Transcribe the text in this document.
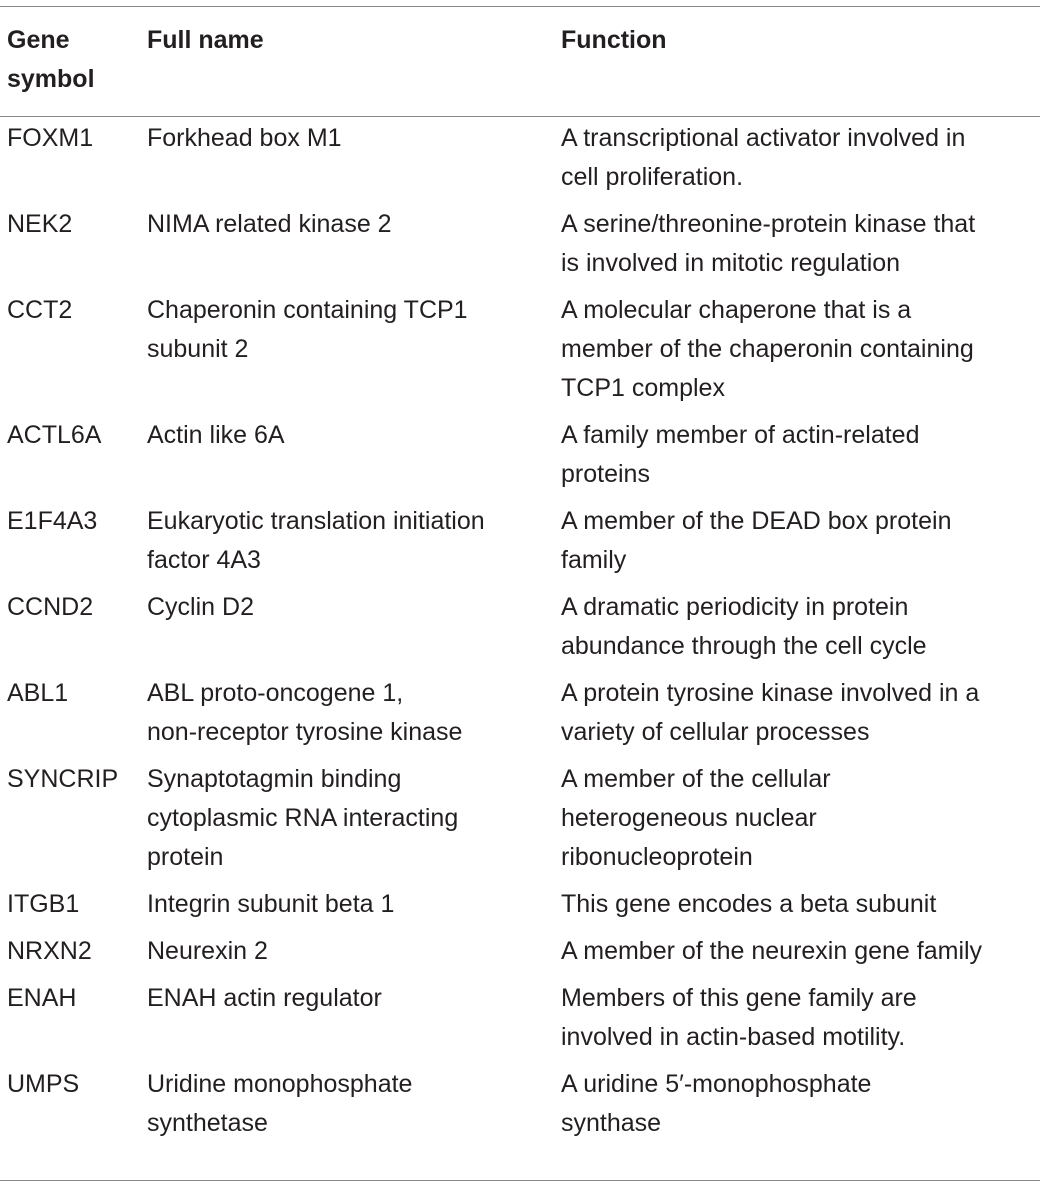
Gene
symbol	Full name	Function
FOXM1	Forkhead box M1	A transcriptional activator involved in
cell proliferation.

NEK2	NIMA related kinase 2	A serine/threonine-protein kinase that
is involved in mitotic regulation

CCT2	Chaperonin containing TCP1
subunit 2	A molecular chaperone that is a
member of the chaperonin containing
TCP1 complex

ACTL6A	Actin like 6A	A family member of actin-related
proteins

E1F4A3	Eukaryotic translation initiation
factor 4A3	A member of the DEAD box protein
family

CCND2	Cyclin D2	A dramatic periodicity in protein
abundance through the cell cycle

ABL1	ABL proto-oncogene 1,
non-receptor tyrosine kinase	A protein tyrosine kinase involved in a
variety of cellular processes

SYNCRIP	Synaptotagmin binding
cytoplasmic RNA interacting
protein	A member of the cellular
heterogeneous nuclear
ribonucleoprotein

ITGB1	Integrin subunit beta 1	This gene encodes a beta subunit

NRXN2	Neurexin 2	A member of the neurexin gene family

ENAH	ENAH actin regulator	Members of this gene family are
involved in actin-based motility.

UMPS	Uridine monophosphate
synthetase	A uridine 5′-monophosphate
synthase
